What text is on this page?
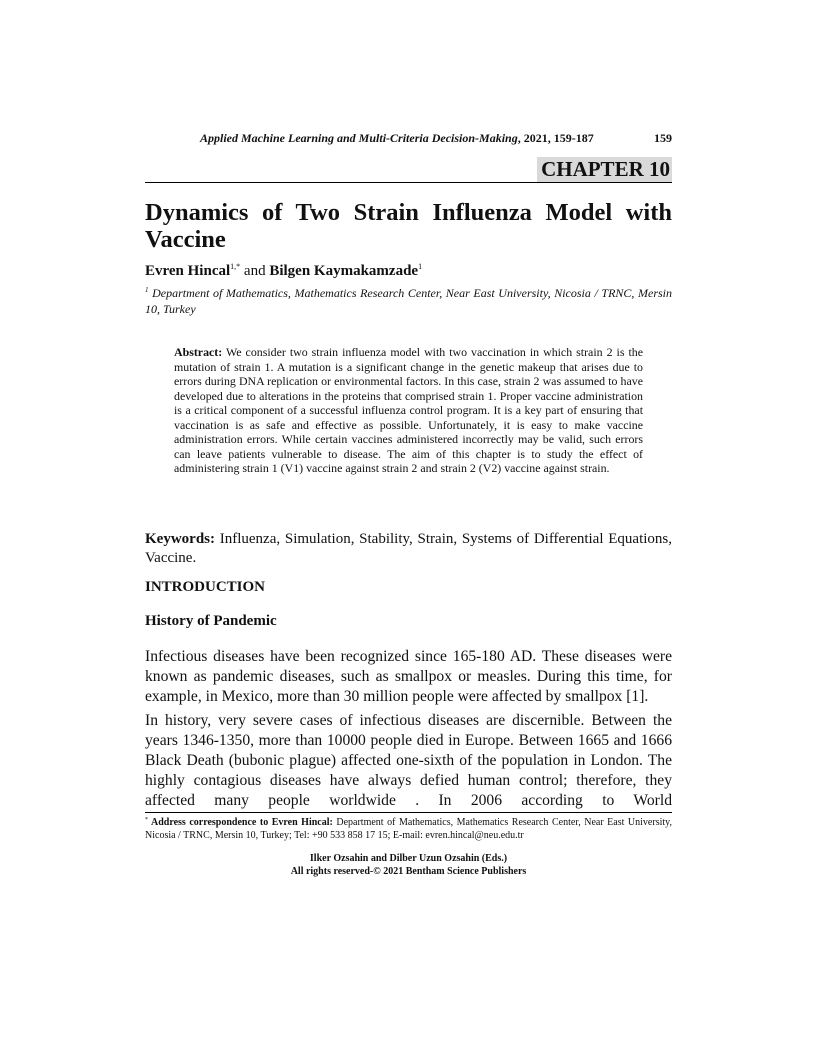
Applied Machine Learning and Multi-Criteria Decision-Making, 2021, 159-187	159
CHAPTER 10
Dynamics of Two Strain Influenza Model with Vaccine
Evren Hincal$^{1,*}$ and Bilgen Kaymakamzade$^1$
$^1$ Department of Mathematics, Mathematics Research Center, Near East University, Nicosia / TRNC, Mersin 10, Turkey
Abstract: We consider two strain influenza model with two vaccination in which strain 2 is the mutation of strain 1. A mutation is a significant change in the genetic makeup that arises due to errors during DNA replication or environmental factors. In this case, strain 2 was assumed to have developed due to alterations in the proteins that comprised strain 1. Proper vaccine administration is a critical component of a successful influenza control program. It is a key part of ensuring that vaccination is as safe and effective as possible. Unfortunately, it is easy to make vaccine administration errors. While certain vaccines administered incorrectly may be valid, such errors can leave patients vulnerable to disease. The aim of this chapter is to study the effect of administering strain 1 (V1) vaccine against strain 2 and strain 2 (V2) vaccine against strain.
Keywords: Influenza, Simulation, Stability, Strain, Systems of Differential Equations, Vaccine.
INTRODUCTION
History of Pandemic

Infectious diseases have been recognized since 165-180 AD. These diseases were known as pandemic diseases, such as smallpox or measles. During this time, for example, in Mexico, more than 30 million people were affected by smallpox [1].

In history, very severe cases of infectious diseases are discernible. Between the years 1346-1350, more than 10000 people died in Europe. Between 1665 and 1666 Black Death (bubonic plague) affected one-sixth of the population in London. The highly contagious diseases have always defied human control; therefore, they affected many people worldwide . In 2006 according to World

* Address correspondence to Evren Hincal: Department of Mathematics, Mathematics Research Center, Near East University, Nicosia / TRNC, Mersin 10, Turkey; Tel: +90 533 858 17 15; E-mail: evren.hincal@neu.edu.tr
Ilker Ozsahin and Dilber Uzun Ozsahin (Eds.)
All rights reserved-© 2021 Bentham Science Publishers
